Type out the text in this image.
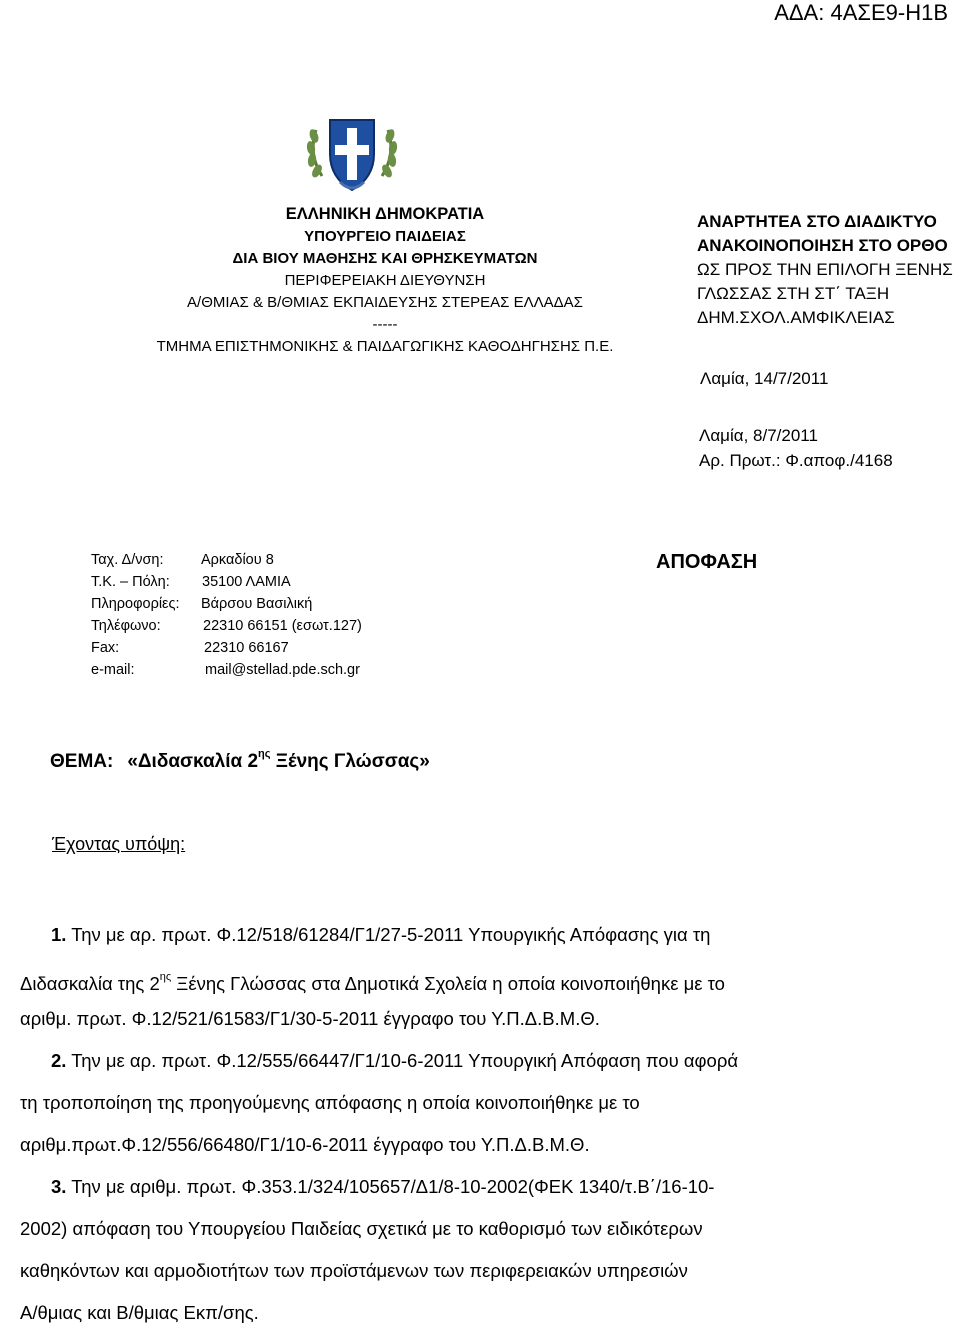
ΑΔΑ: 4ΑΣΕ9-Η1Β
ΕΛΛΗΝΙΚΗ ΔΗΜΟΚΡΑΤΙΑ
ΥΠΟΥΡΓΕΙΟ ΠΑΙΔΕΙΑΣ
ΔΙΑ ΒΙΟΥ ΜΑΘΗΣΗΣ ΚΑΙ ΘΡΗΣΚΕΥΜΑΤΩΝ
ΠΕΡΙΦΕΡΕΙΑΚΗ ΔΙΕΥΘΥΝΣΗ
Α/ΘΜΙΑΣ & Β/ΘΜΙΑΣ ΕΚΠΑΙΔΕΥΣΗΣ ΣΤΕΡΕΑΣ ΕΛΛΑΔΑΣ
-----
ΤΜΗΜΑ ΕΠΙΣΤΗΜΟΝΙΚΗΣ & ΠΑΙΔΑΓΩΓΙΚΗΣ ΚΑΘΟΔΗΓΗΣΗΣ Π.Ε.
ΑΝΑΡΤΗΤΕΑ ΣΤΟ ΔΙΑΔΙΚΤΥΟ
ΑΝΑΚΟΙΝΟΠΟΙΗΣΗ ΣΤΟ ΟΡΘΟ
ΩΣ ΠΡΟΣ ΤΗΝ ΕΠΙΛΟΓΗ ΞΕΝΗΣ
ΓΛΩΣΣΑΣ ΣΤΗ ΣΤ΄ ΤΑΞΗ
ΔΗΜ.ΣΧΟΛ.ΑΜΦΙΚΛΕΙΑΣ
Λαμία, 14/7/2011
Λαμία, 8/7/2011
Αρ. Πρωτ.: Φ.αποφ./4168
Ταχ. Δ/νση:	Αρκαδίου 8
Τ.Κ. – Πόλη: 35100 ΛΑΜΙΑ
Πληροφορίες: Βάρσου Βασιλική
Τηλέφωνο:	22310 66151 (εσωτ.127)
Fax:	22310 66167
e-mail:	mail@stellad.pde.sch.gr
ΑΠΟΦΑΣΗ
ΘΕΜΑ: «Διδασκαλία $2^{\eta\varsigma}$ Ξένης Γλώσσας»
Έχοντας υπόψη:
1. Την με αρ. πρωτ. Φ.12/518/61284/Γ1/27-5-2011 Υπουργικής Απόφασης για τη
Διδασκαλία της $2^{\eta\varsigma}$ Ξένης Γλώσσας στα Δημοτικά Σχολεία η οποία κοινοποιήθηκε με το
αριθμ. πρωτ. Φ.12/521/61583/Γ1/30-5-2011 έγγραφο του Υ.Π.Δ.Β.Μ.Θ.
2. Την με αρ. πρωτ. Φ.12/555/66447/Γ1/10-6-2011 Υπουργική Απόφαση που αφορά
τη τροποποίηση της προηγούμενης απόφασης η οποία κοινοποιήθηκε με το
αριθμ.πρωτ.Φ.12/556/66480/Γ1/10-6-2011 έγγραφο του Υ.Π.Δ.Β.Μ.Θ.
3. Την με αριθμ. πρωτ. Φ.353.1/324/105657/Δ1/8-10-2002(ΦΕΚ 1340/τ.Β΄/16-10-
2002) απόφαση του Υπουργείου Παιδείας σχετικά με το καθορισμό των ειδικότερων
καθηκόντων και αρμοδιοτήτων των προϊστάμενων των περιφερειακών υπηρεσιών
Α/θμιας και Β/θμιας Εκπ/σης.
